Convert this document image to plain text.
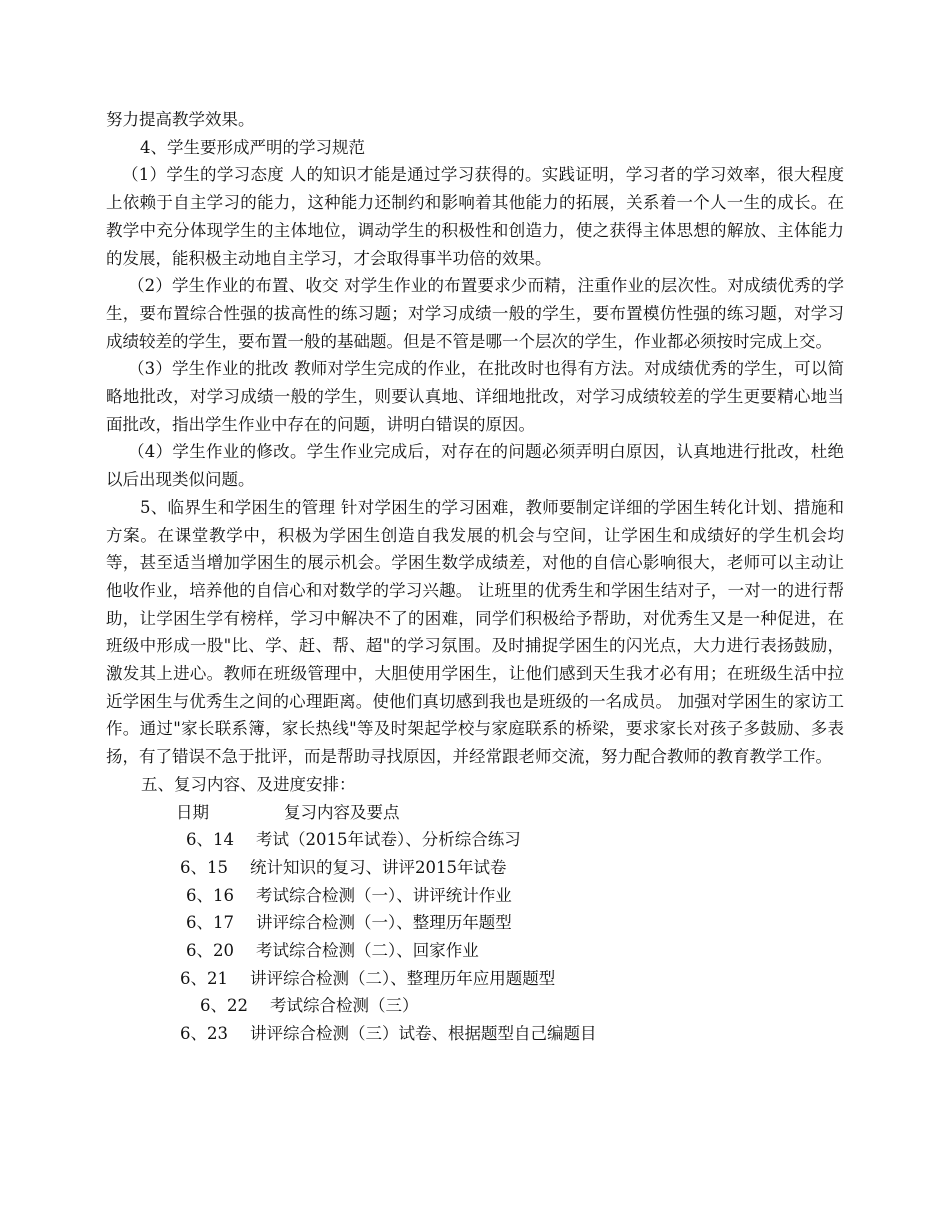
努力提高教学效果。

4、学生要形成严明的学习规范

（1）学生的学习态度 人的知识才能是通过学习获得的。实践证明，学习者的学习效率，很大程度上依赖于自主学习的能力，这种能力还制约和影响着其他能力的拓展，关系着一个人一生的成长。在教学中充分体现学生的主体地位，调动学生的积极性和创造力，使之获得主体思想的解放、主体能力的发展，能积极主动地自主学习，才会取得事半功倍的效果。

（2）学生作业的布置、收交 对学生作业的布置要求少而精，注重作业的层次性。对成绩优秀的学生，要布置综合性强的拔高性的练习题；对学习成绩一般的学生，要布置模仿性强的练习题，对学习成绩较差的学生，要布置一般的基础题。但是不管是哪一个层次的学生，作业都必须按时完成上交。

（3）学生作业的批改 教师对学生完成的作业，在批改时也得有方法。对成绩优秀的学生，可以简略地批改，对学习成绩一般的学生，则要认真地、详细地批改，对学习成绩较差的学生更要精心地当面批改，指出学生作业中存在的问题，讲明白错误的原因。

（4）学生作业的修改。学生作业完成后，对存在的问题必须弄明白原因，认真地进行批改，杜绝以后出现类似问题。

5、临界生和学困生的管理 针对学困生的学习困难，教师要制定详细的学困生转化计划、措施和方案。在课堂教学中，积极为学困生创造自我发展的机会与空间，让学困生和成绩好的学生机会均等，甚至适当增加学困生的展示机会。学困生数学成绩差，对他的自信心影响很大，老师可以主动让他收作业，培养他的自信心和对数学的学习兴趣。 让班里的优秀生和学困生结对子，一对一的进行帮助，让学困生学有榜样，学习中解决不了的困难，同学们积极给予帮助，对优秀生又是一种促进，在班级中形成一股"比、学、赶、帮、超"的学习氛围。及时捕捉学困生的闪光点，大力进行表扬鼓励，激发其上进心。教师在班级管理中，大胆使用学困生，让他们感到天生我才必有用；在班级生活中拉近学困生与优秀生之间的心理距离。使他们真切感到我也是班级的一名成员。 加强对学困生的家访工作。通过"家长联系簿，家长热线"等及时架起学校与家庭联系的桥梁，要求家长对孩子多鼓励、多表扬，有了错误不急于批评，而是帮助寻找原因，并经常跟老师交流，努力配合教师的教育教学工作。

五、复习内容、及进度安排：

日期	复习内容及要点
6、14 考试（2015年试卷）、分析综合练习
6、15 统计知识的复习、讲评2015年试卷
6、16 考试综合检测（一）、讲评统计作业
6、17 讲评综合检测（一）、整理历年题型
6、20 考试综合检测（二）、回家作业
6、21 讲评综合检测（二）、整理历年应用题题型
6、22 考试综合检测（三）
6、23 讲评综合检测（三）试卷、根据题型自己编题目
